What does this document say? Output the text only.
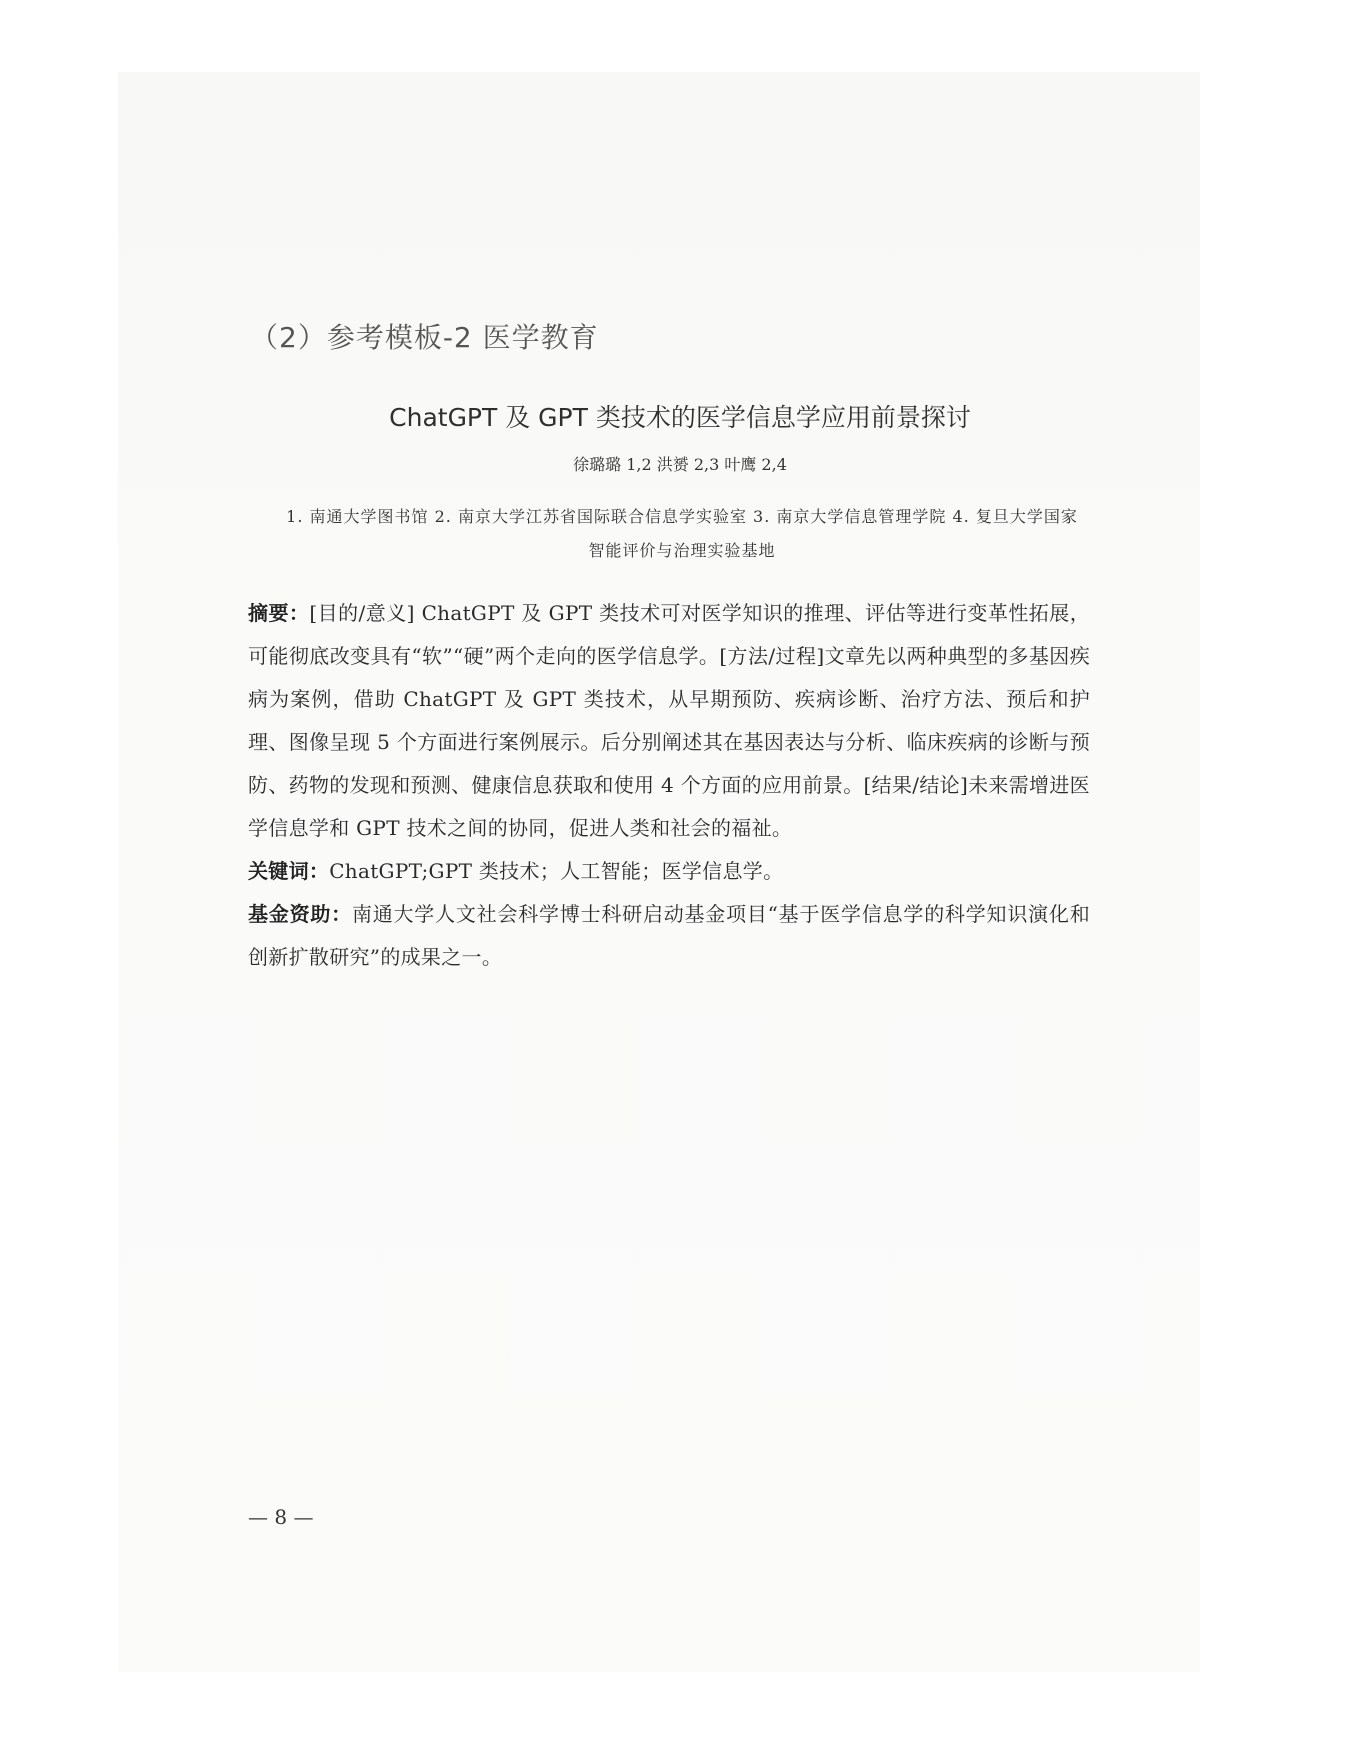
（2）参考模板-2 医学教育
ChatGPT 及 GPT 类技术的医学信息学应用前景探讨
徐璐璐 1,2 洪赟 2,3 叶鹰 2,4
1. 南通大学图书馆 2. 南京大学江苏省国际联合信息学实验室 3. 南京大学信息管理学院 4. 复旦大学国家智能评价与治理实验基地

摘要：[目的/意义] ChatGPT 及 GPT 类技术可对医学知识的推理、评估等进行变革性拓展，可能彻底改变具有“软”“硬”两个走向的医学信息学。[方法/过程]文章先以两种典型的多基因疾病为案例，借助 ChatGPT 及 GPT 类技术，从早期预防、疾病诊断、治疗方法、预后和护理、图像呈现 5 个方面进行案例展示。后分别阐述其在基因表达与分析、临床疾病的诊断与预防、药物的发现和预测、健康信息获取和使用 4 个方面的应用前景。[结果/结论]未来需增进医学信息学和 GPT 技术之间的协同，促进人类和社会的福祉。

关键词：ChatGPT;GPT 类技术；人工智能；医学信息学。

基金资助：南通大学人文社会科学博士科研启动基金项目“基于医学信息学的科学知识演化和创新扩散研究”的成果之一。

— 8 —
